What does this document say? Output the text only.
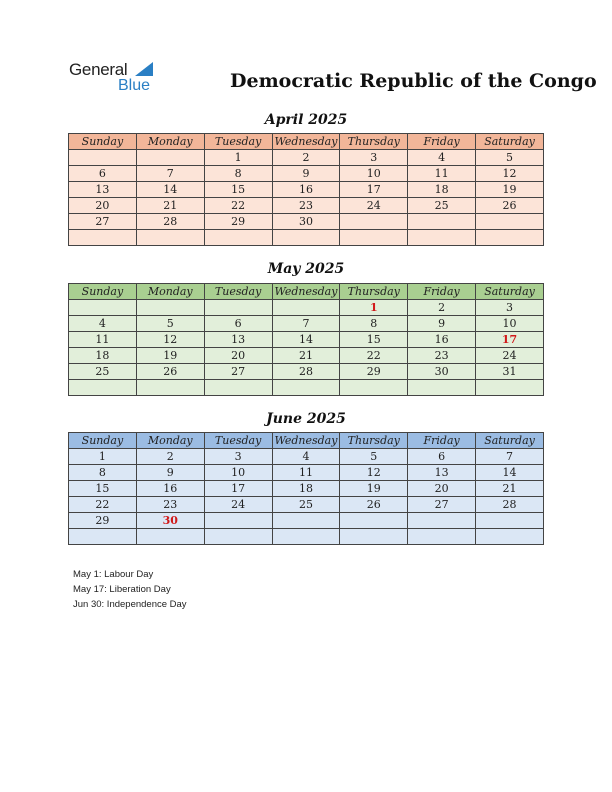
General
Blue	Democratic Republic of the Congo
April 2025
Sunday	Monday	Tuesday	Wednesday	Thursday	Friday	Saturday
		1	2	3	4	5
6	7	8	9	10	11	12
13	14	15	16	17	18	19
20	21	22	23	24	25	26
27	28	29	30			

May 2025
Sunday	Monday	Tuesday	Wednesday	Thursday	Friday	Saturday
				1	2	3
4	5	6	7	8	9	10
11	12	13	14	15	16	17
18	19	20	21	22	23	24
25	26	27	28	29	30	31

June 2025
Sunday	Monday	Tuesday	Wednesday	Thursday	Friday	Saturday
1	2	3	4	5	6	7
8	9	10	11	12	13	14
15	16	17	18	19	20	21
22	23	24	25	26	27	28
29	30					

May 1: Labour Day
May 17: Liberation Day
Jun 30: Independence Day
